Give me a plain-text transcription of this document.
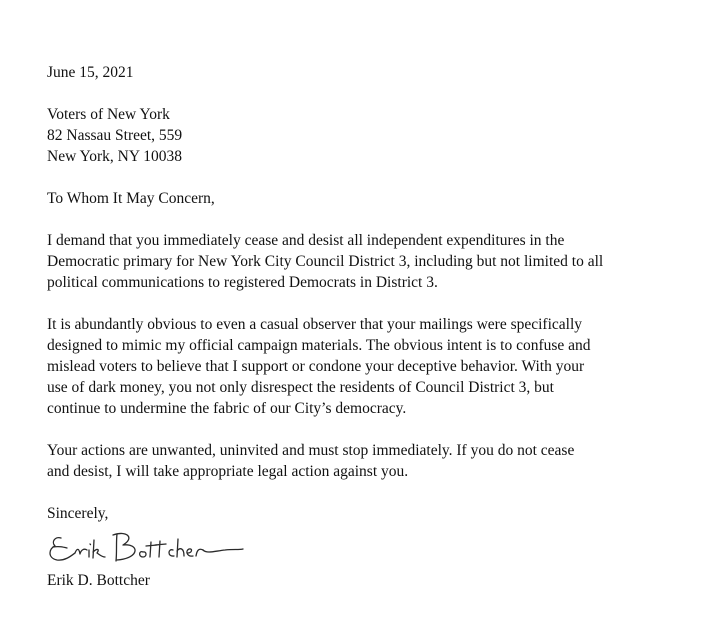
June 15, 2021
Voters of New York
82 Nassau Street, 559
New York, NY 10038
To Whom It May Concern,

I demand that you immediately cease and desist all independent expenditures in the
Democratic primary for New York City Council District 3, including but not limited to all
political communications to registered Democrats in District 3.

It is abundantly obvious to even a casual observer that your mailings were specifically
designed to mimic my official campaign materials. The obvious intent is to confuse and
mislead voters to believe that I support or condone your deceptive behavior. With your
use of dark money, you not only disrespect the residents of Council District 3, but
continue to undermine the fabric of our City’s democracy.

Your actions are unwanted, uninvited and must stop immediately. If you do not cease
and desist, I will take appropriate legal action against you.

Sincerely,
Erik D. Bottcher
